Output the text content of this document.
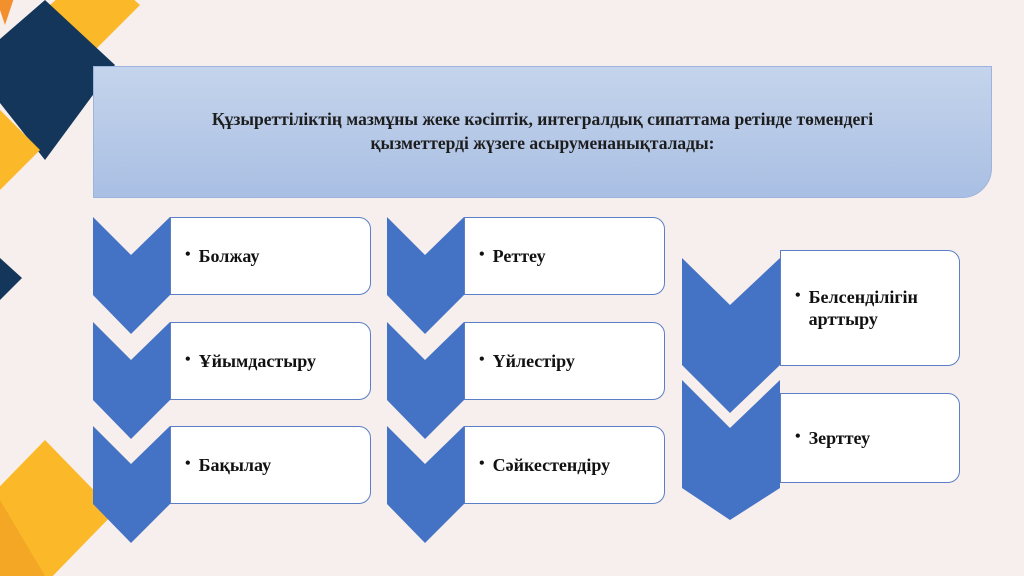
Құзыреттіліктің мазмұны жеке кәсіптік, интегралдық сипаттама ретінде төмендегі
қызметтерді жүзеге асыруменанықталады:
• Болжау
• Ұйымдастыру
• Бақылау
• Реттеу
• Үйлестіру
• Сәйкестендіру
• Белсенділігін арттыру
• Зерттеу
